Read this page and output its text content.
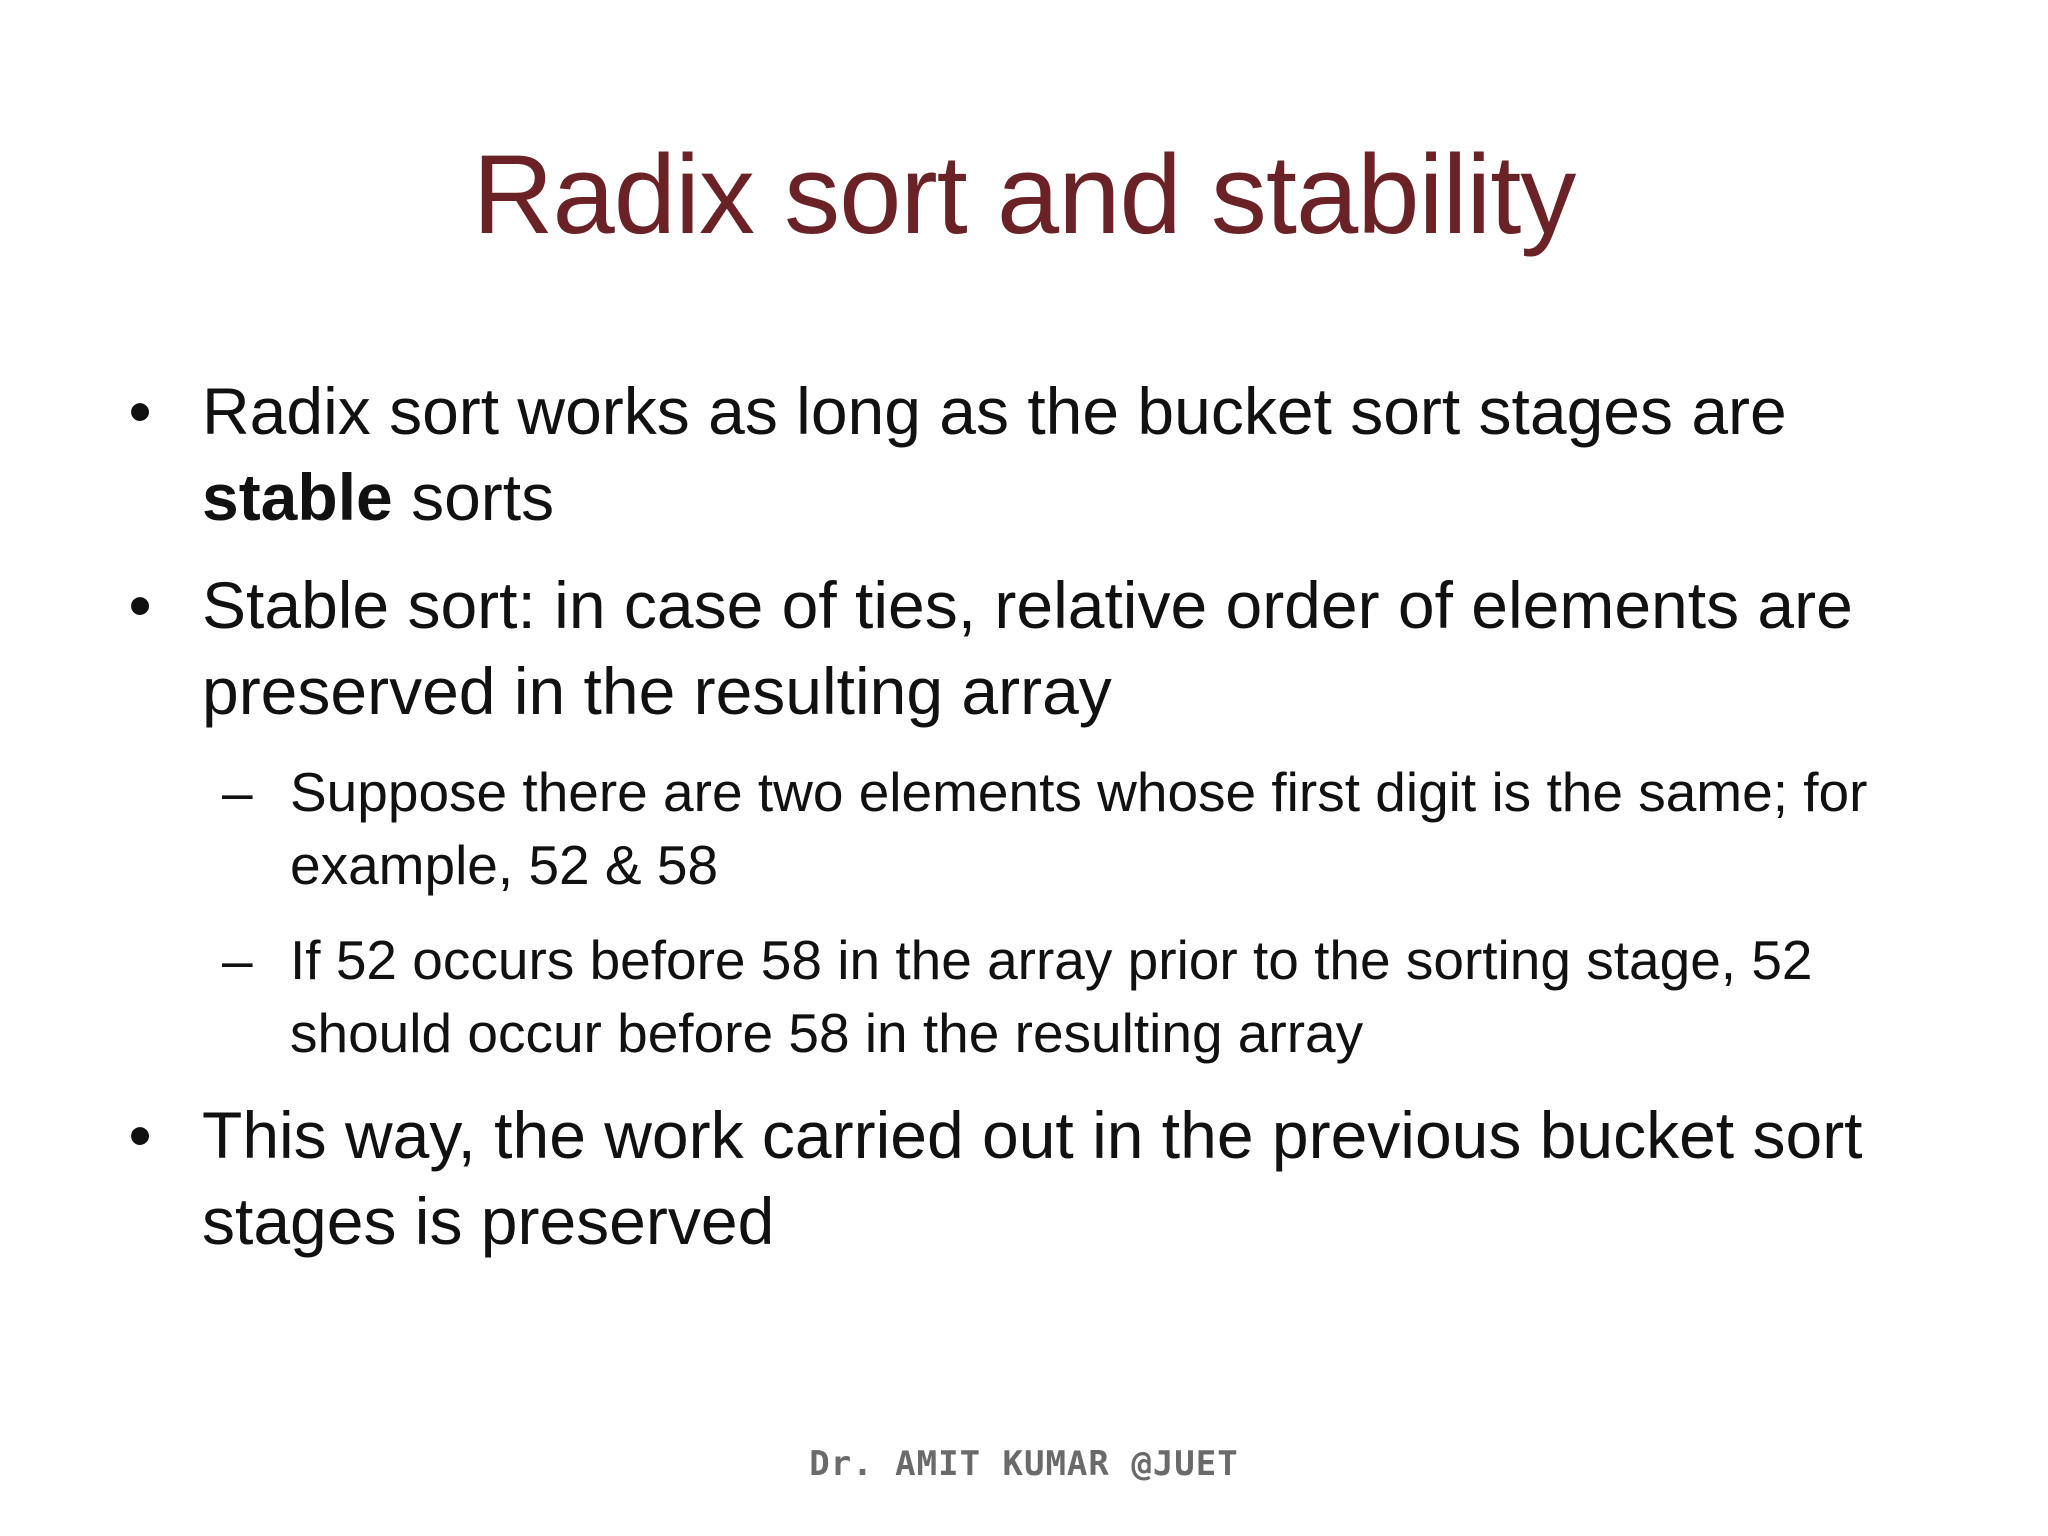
Radix sort and stability
• Radix sort works as long as the bucket sort stages are stable sorts
• Stable sort: in case of ties, relative order of elements are preserved in the resulting array
– Suppose there are two elements whose first digit is the same; for example, 52 & 58
– If 52 occurs before 58 in the array prior to the sorting stage, 52 should occur before 58 in the resulting array
• This way, the work carried out in the previous bucket sort stages is preserved
Dr. AMIT KUMAR @JUET
